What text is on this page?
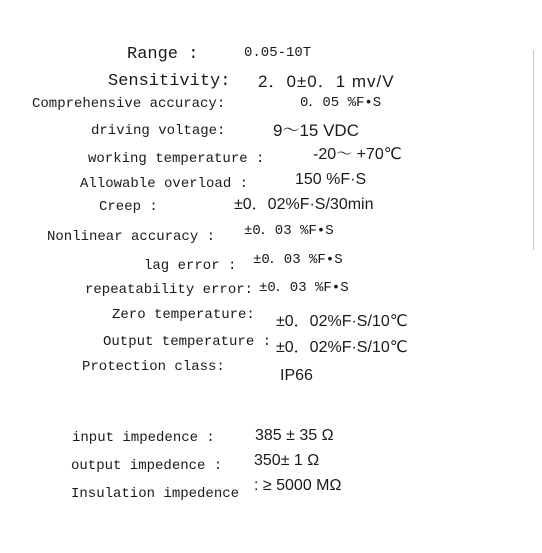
Range :	0.05-10T
Sensitivity: 2．0±0．1 mv/V
Comprehensive accuracy:	0．05 %F•S
driving voltage:	9～15 VDC
working temperature :	-20～ +70℃
Allowable overload :	150 %F·S
Creep :	±0．02%F·S/30min
Nonlinear accuracy : ±0．03 %F•S
lag error : ±0．03 %F•S
repeatability error: ±0．03 %F•S
Zero temperature: ±0．02%F·S/10℃
Output temperature : ±0．02%F·S/10℃
Protection class:	IP66
input impedence :	385 ± 35 Ω
output impedence : 350± 1 Ω
Insulation impedence : ≥ 5000 MΩ
